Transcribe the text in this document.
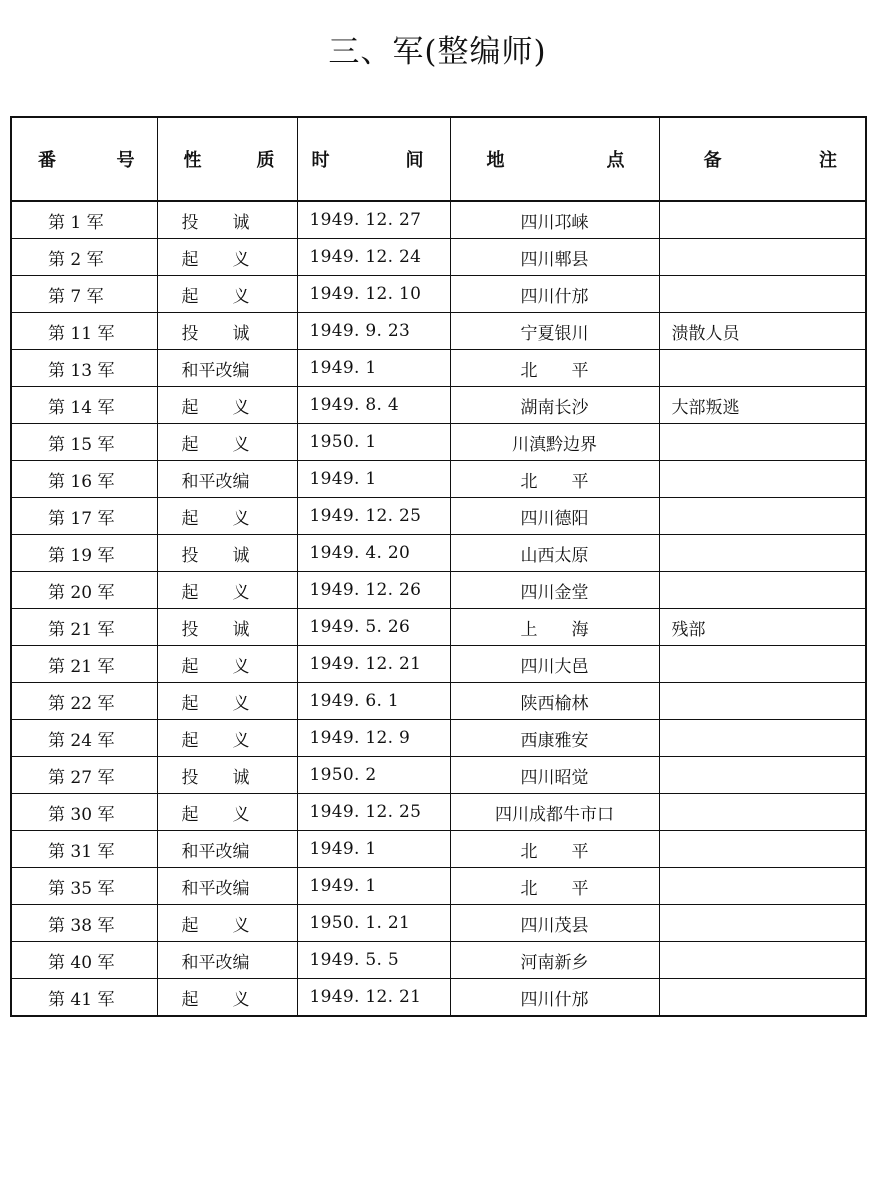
三、军(整编师)
番 号	性 质	时 间	地 点	备 注

第 1 军	投　　诚	1949. 12. 27	四川邛崃	
第 2 军	起　　义	1949. 12. 24	四川郫县	
第 7 军	起　　义	1949. 12. 10	四川什邡	
第 11 军	投　　诚	1949. 9. 23	宁夏银川	溃散人员
第 13 军	和平改编	1949. 1	北　　平	
第 14 军	起　　义	1949. 8. 4	湖南长沙	大部叛逃
第 15 军	起　　义	1950. 1	川滇黔边界	
第 16 军	和平改编	1949. 1	北　　平	
第 17 军	起　　义	1949. 12. 25	四川德阳	
第 19 军	投　　诚	1949. 4. 20	山西太原	
第 20 军	起　　义	1949. 12. 26	四川金堂	
第 21 军	投　　诚	1949. 5. 26	上　　海	残部
第 21 军	起　　义	1949. 12. 21	四川大邑	
第 22 军	起　　义	1949. 6. 1	陕西榆林	
第 24 军	起　　义	1949. 12. 9	西康雅安	
第 27 军	投　　诚	1950. 2	四川昭觉	
第 30 军	起　　义	1949. 12. 25	四川成都牛市口	
第 31 军	和平改编	1949. 1	北　　平	
第 35 军	和平改编	1949. 1	北　　平	
第 38 军	起　　义	1950. 1. 21	四川茂县	
第 40 军	和平改编	1949. 5. 5	河南新乡	
第 41 军	起　　义	1949. 12. 21	四川什邡	
